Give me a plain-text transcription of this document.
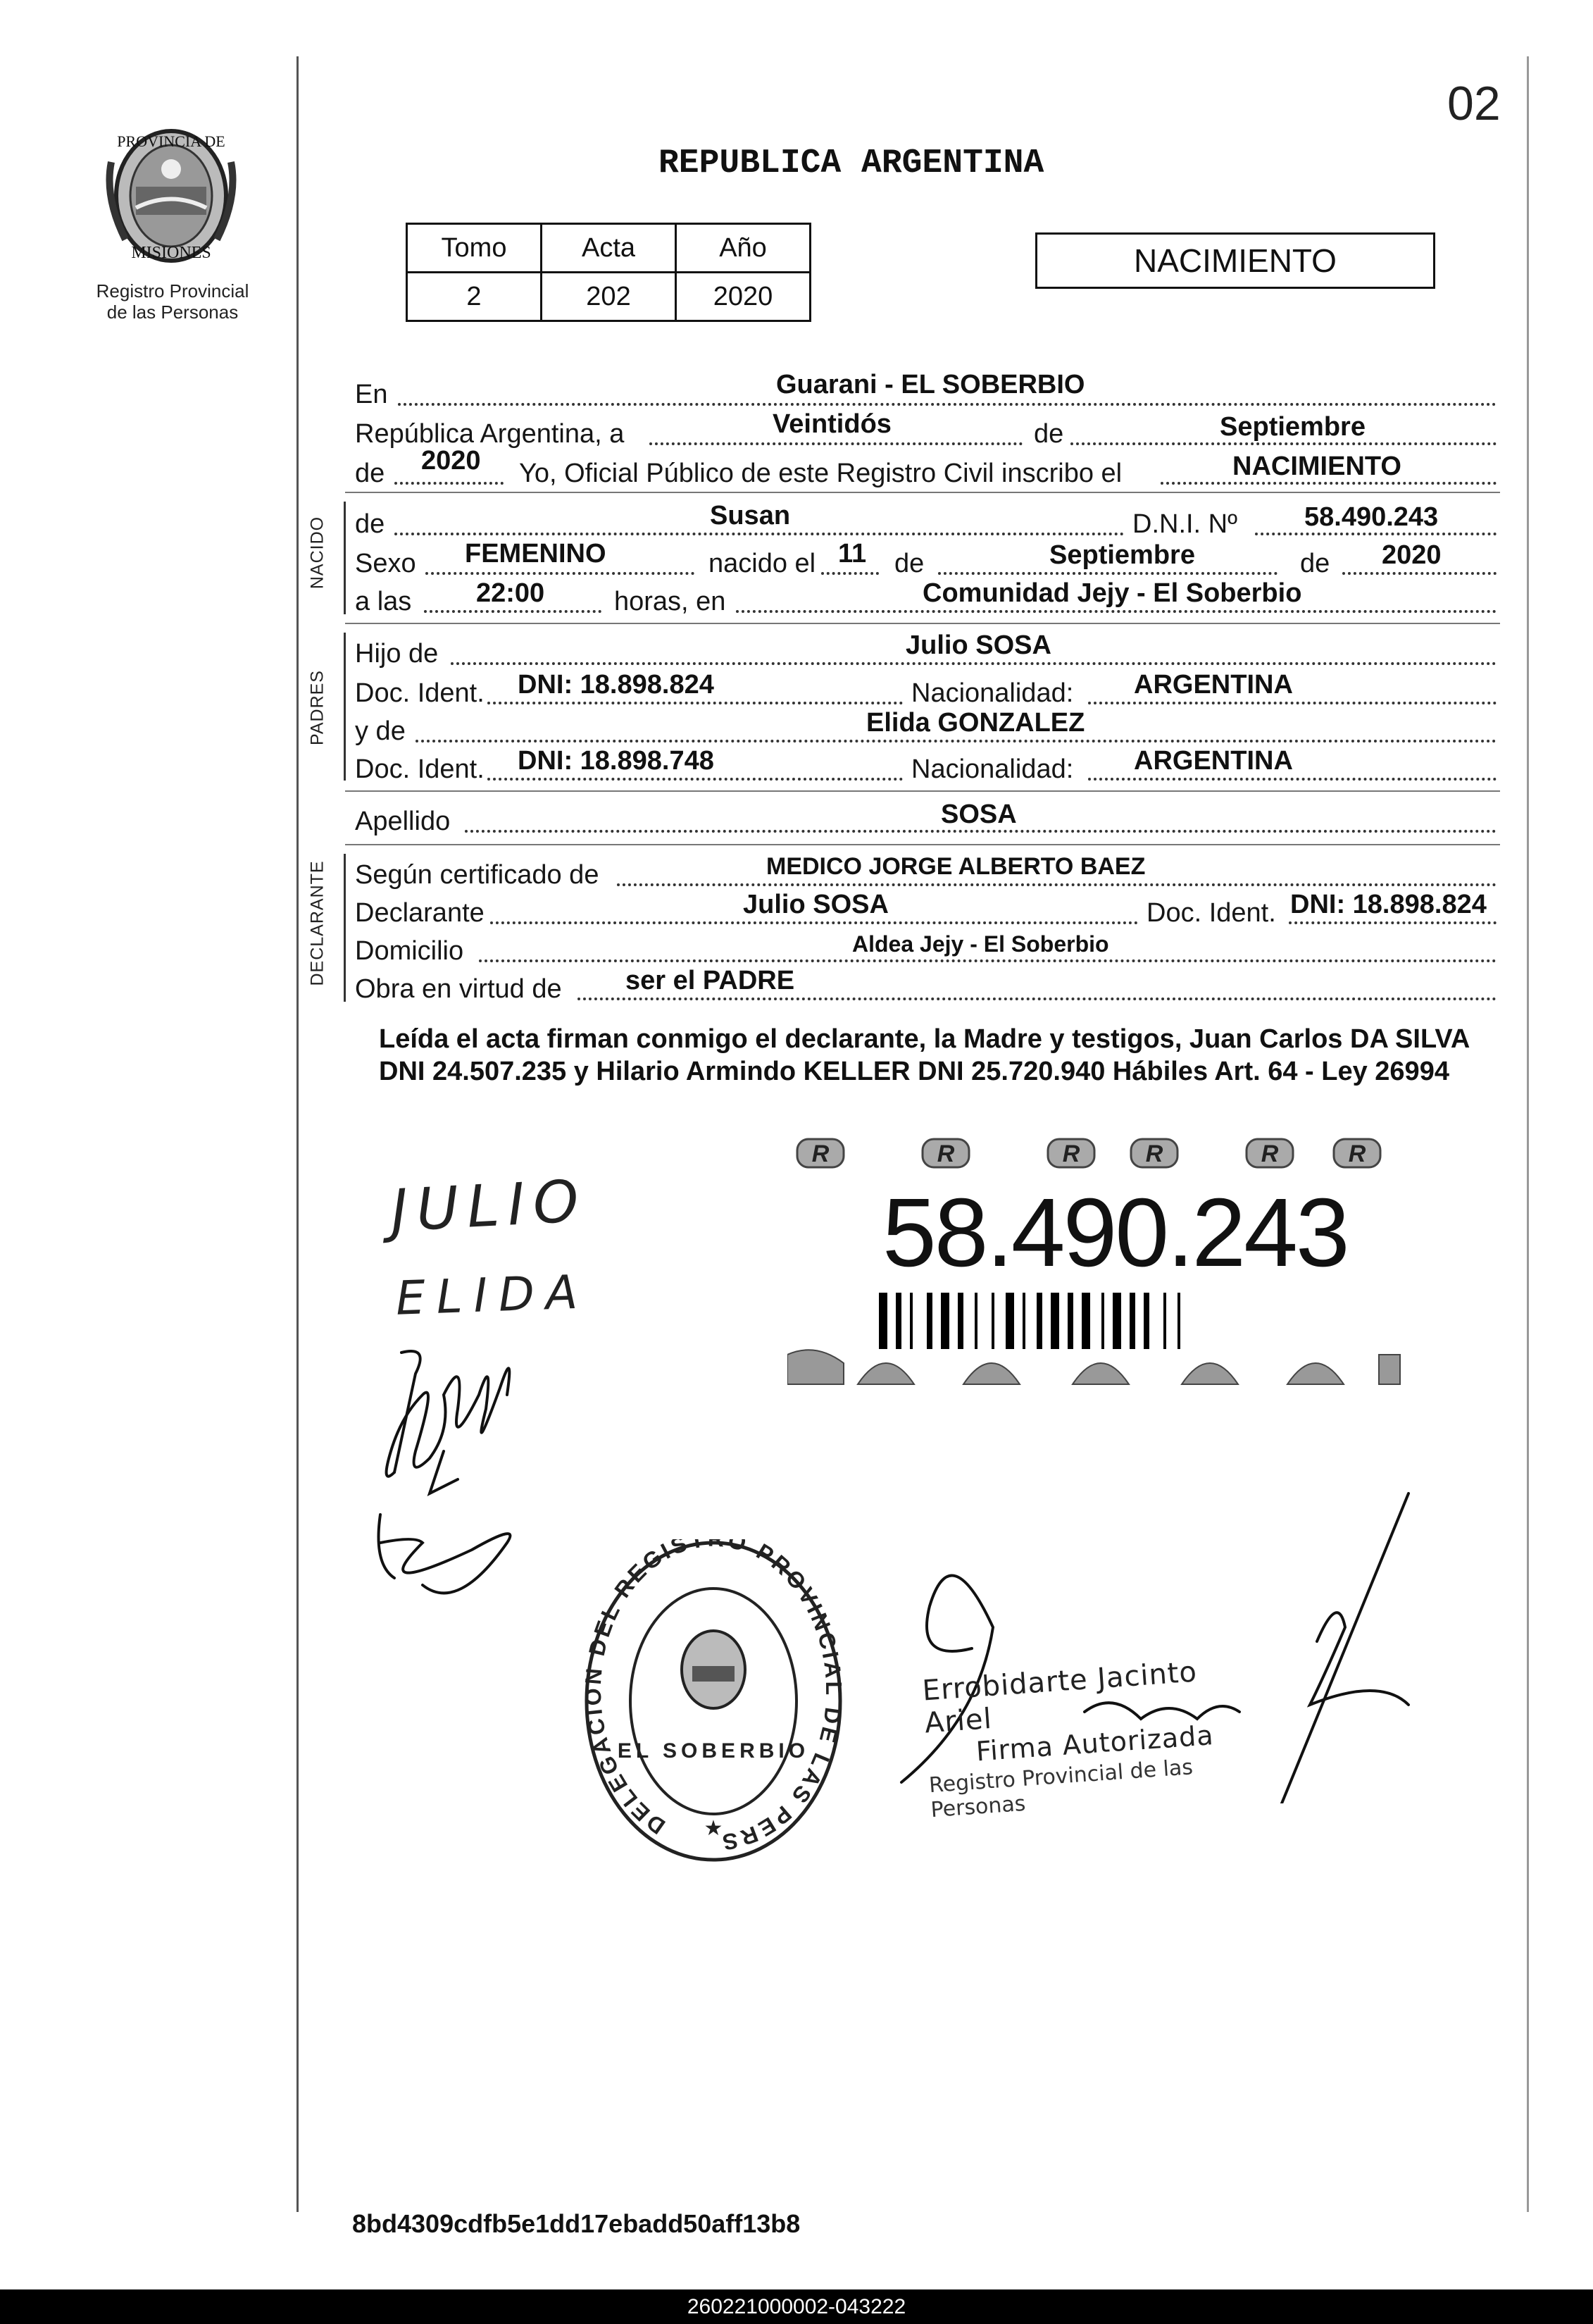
02
PROVINCIA DE
MISIONES
Registro Provincial
de las Personas
REPUBLICA ARGENTINA
Tomo	Acta	Año
2	202	2020
NACIMIENTO
En	Guarani - EL SOBERBIO
República Argentina, a	Veintidós	de	Septiembre
de 2020 Yo, Oficial Público de este Registro Civil inscribo el	NACIMIENTO
NACIDO de	Susan	D.N.I. Nº	58.490.243
Sexo FEMENINO	nacido el 11 de	Septiembre	de 2020
a las 22:00	horas, en	Comunidad Jejy - El Soberbio
PADRES
Hijo de	Julio SOSA
Doc. Ident. DNI: 18.898.824	Nacionalidad: ARGENTINA
y de	Elida GONZALEZ
Doc. Ident. DNI: 18.898.748	Nacionalidad: ARGENTINA
Apellido	SOSA
DECLARANTE Según certificado de	MEDICO JORGE ALBERTO BAEZ
Declarante	Julio SOSA	Doc. Ident. DNI: 18.898.824
Domicilio	Aldea Jejy - El Soberbio
Obra en virtud de ser el PADRE
Leída el acta firman conmigo el declarante, la Madre y testigos, Juan Carlos DA SILVA DNI 24.507.235 y Hilario Armindo KELLER DNI 25.720.940 Hábiles Art. 64 - Ley 26994
R	R	R	R	R	R
58.490.243
JULIO
ELIDA
Errobidarte Jacinto Ariel
Firma Autorizada
Registro Provincial de las Personas
DELEGACI DEL REGIST O PROVINCI DE LAS PERS
EL SOBERBIO
★
8bd4309cdfb5e1dd17ebadd50aff13b8
260221000002-043222
